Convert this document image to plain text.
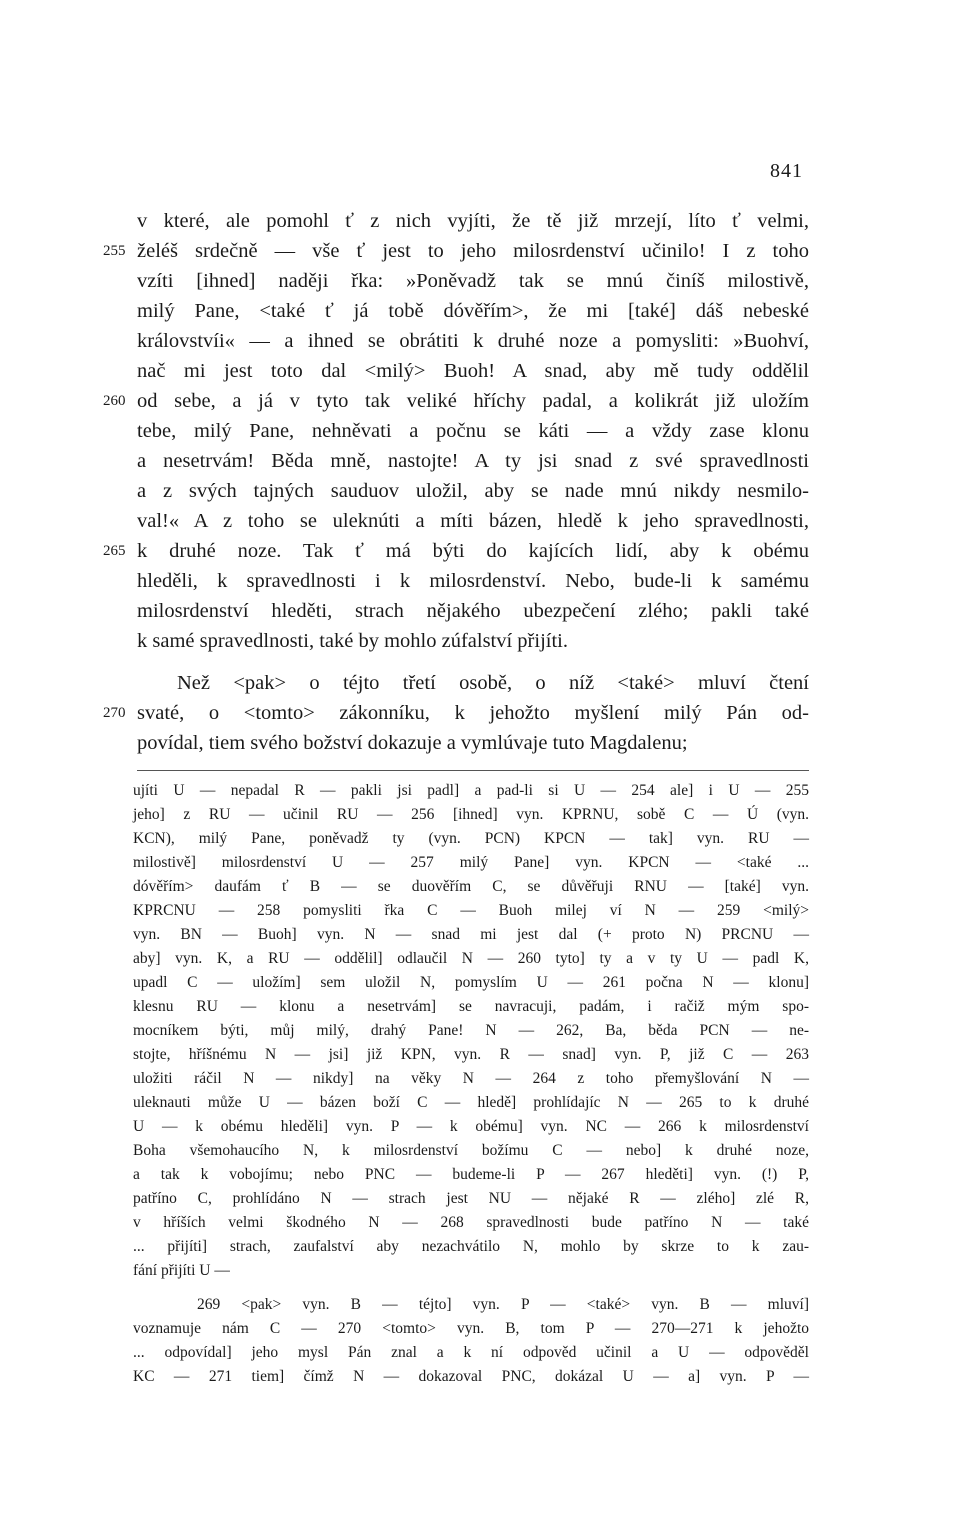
841
v které, ale pomohl ť z nich vyjíti, že tě již mrzejí, líto ť velmi,
255 želéš srdečně — vše ť jest to jeho milosrdenství učinilo! I z toho
vzíti [ihned] naději řka: »Poněvadž tak se mnú činíš milostivě,
milý Pane, <také ť já tobě dóvěřím>, že mi [také] dáš nebeské
královstvíi« — a ihned se obrátiti k druhé noze a pomysliti: »Buohví,
nač mi jest toto dal <milý> Buoh! A snad, aby mě tudy oddělil
260 od sebe, a já v tyto tak veliké hříchy padal, a kolikrát již uložím
tebe, milý Pane, nehněvati a počnu se káti — a vždy zase klonu
a nesetrvám! Běda mně, nastojte! A ty jsi snad z své spravedlnosti
a z svých tajných sauduov uložil, aby se nade mnú nikdy nesmilo-
val!« A z toho se uleknúti a míti bázen, hledě k jeho spravedlnosti,
265 k druhé noze. Tak ť má býti do kajících lidí, aby k obému
hleděli, k spravedlnosti i k milosrdenství. Nebo, bude-li k samému
milosrdenství hleděti, strach nějakého ubezpečení zlého; pakli také
k samé spravedlnosti, také by mohlo zúfalství přijíti.
Než <pak> o téjto třetí osobě, o níž <také> mluví čtení
270 svaté, o <tomto> zákonníku, k jehožto myšlení milý Pán od-
povídal, tiem svého božství dokazuje a vymlúvaje tuto Magdalenu;
ujíti U — nepadal R — pakli jsi padl] a pad-li si U — 254 ale] i U — 255
jeho] z RU — učinil RU — 256 [ihned] vyn. KPRNU, sobě C — Ú (vyn.
KCN), milý Pane, poněvadž ty (vyn. PCN) KPCN — tak] vyn. RU —
milostivě] milosrdenství U — 257 milý Pane] vyn. KPCN — <také ...
dóvěřím> daufám ť B — se duověřím C, se důvěřuji RNU — [také] vyn.
KPRCNU — 258 pomysliti řka C — Buoh milej ví N — 259 <milý>
vyn. BN — Buoh] vyn. N — snad mi jest dal (+ proto N) PRCNU —
aby] vyn. K, a RU — oddělil] odlaučil N — 260 tyto] ty a v ty U — padl K,
upadl C — uložím] sem uložil N, pomyslím U — 261 počna N — klonu]
klesnu RU — klonu a nesetrvám] se navracuji, padám, i račiž mým spo-
mocníkem býti, můj milý, drahý Pane! N — 262, Ba, běda PCN — ne-
stojte, hříšnému N — jsi] již KPN, vyn. R — snad] vyn. P, již C — 263
uložiti ráčil N — nikdy] na věky N — 264 z toho přemyšlování N —
uleknauti může U — bázen boží C — hledě] prohlídajíc N — 265 to k druhé
U — k obému hleděli] vyn. P — k obému] vyn. NC — 266 k milosrdenství
Boha všemohaucího N, k milosrdenství božímu C — nebo] k druhé noze,
a tak k vobojímu; nebo PNC — budeme-li P — 267 hleděti] vyn. (!) P,
patříno C, prohlídáno N — strach jest NU — nějaké R — zlého] zlé R,
v hříších velmi škodného N — 268 spravedlnosti bude patříno N — také
... přijíti] strach, zaufalství aby nezachvátilo N, mohlo by skrze to k zau-
fání přijíti U —
269 <pak> vyn. B — téjto] vyn. P — <také> vyn. B — mluví]
voznamuje nám C — 270 <tomto> vyn. B, tom P — 270—271 k jehožto
... odpovídal] jeho mysl Pán znal a k ní odpověd učinil a U — odpověděl
KC — 271 tiem] čímž N — dokazoval PNC, dokázal U — a] vyn. P —
